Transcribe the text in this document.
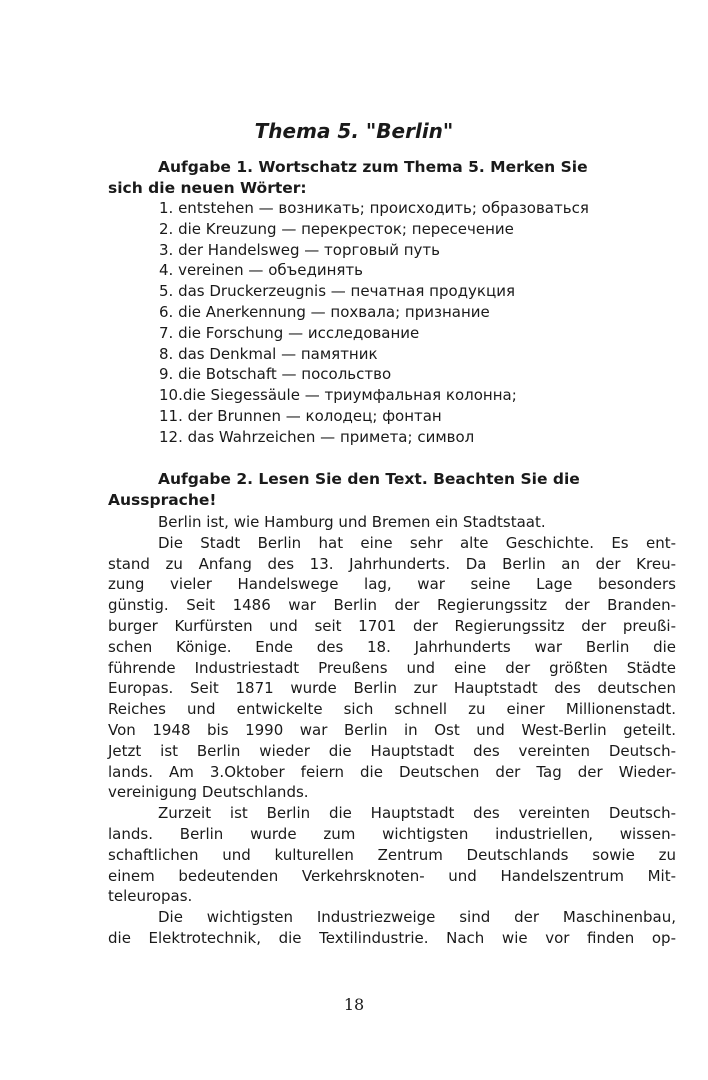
Thema 5. "Berlin"

Aufgabe 1. Wortschatz zum Thema 5. Merken Sie
sich die neuen Wörter:

1. entstehen — возникать; происходить; образоваться
2. die Kreuzung — перекресток; пересечение
3. der Handelsweg — торговый путь
4. vereinen — объединять
5. das Druckerzeugnis — печатная продукция
6. die Anerkennung — похвала; признание
7. die Forschung — исследование
8. das Denkmal — памятник
9. die Botschaft — посольство
10.die Siegessäule — триумфальная колонна;
11. der Brunnen — колодец; фонтан
12. das Wahrzeichen — примета; символ

Aufgabe 2. Lesen Sie den Text. Beachten Sie die
Aussprache!

Berlin ist, wie Hamburg und Bremen ein Stadtstaat.
Die Stadt Berlin hat eine sehr alte Geschichte. Es ent-
stand zu Anfang des 13. Jahrhunderts. Da Berlin an der Kreu-
zung vieler Handelswege lag, war seine Lage besonders
günstig. Seit 1486 war Berlin der Regierungssitz der Branden-
burger Kurfürsten und seit 1701 der Regierungssitz der preußi-
schen Könige. Ende des 18. Jahrhunderts war Berlin die
führende Industriestadt Preußens und eine der größten Städte
Europas. Seit 1871 wurde Berlin zur Hauptstadt des deutschen
Reiches und entwickelte sich schnell zu einer Millionenstadt.
Von 1948 bis 1990 war Berlin in Ost und West-Berlin geteilt.
Jetzt ist Berlin wieder die Hauptstadt des vereinten Deutsch-
lands. Am 3.Oktober feiern die Deutschen der Tag der Wieder-
vereinigung Deutschlands.
Zurzeit ist Berlin die Hauptstadt des vereinten Deutsch-
lands. Berlin wurde zum wichtigsten industriellen, wissen-
schaftlichen und kulturellen Zentrum Deutschlands sowie zu
einem bedeutenden Verkehrsknoten- und Handelszentrum Mit-
teleuropas.
Die wichtigsten Industriezweige sind der Maschinenbau,
die Elektrotechnik, die Textilindustrie. Nach wie vor finden op-
18
